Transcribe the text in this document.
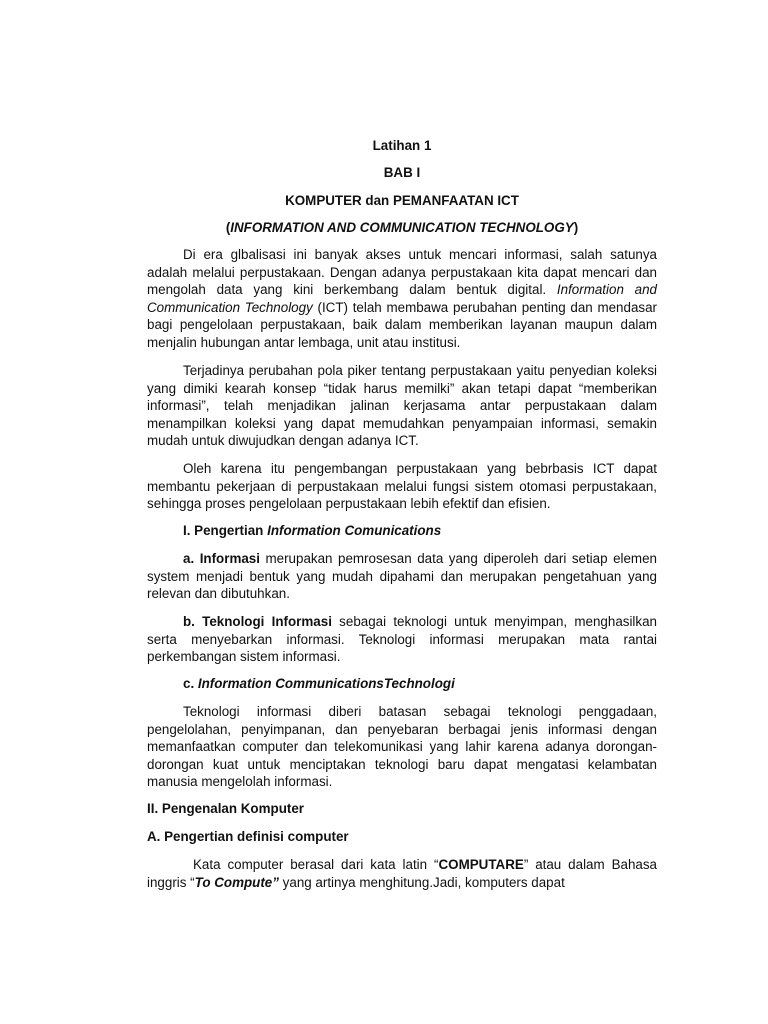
Latihan 1
BAB I
KOMPUTER dan PEMANFAATAN ICT
(INFORMATION AND COMMUNICATION TECHNOLOGY)
Di era glbalisasi ini banyak akses untuk mencari informasi, salah satunya adalah melalui perpustakaan. Dengan adanya perpustakaan kita dapat mencari dan mengolah data yang kini berkembang dalam bentuk digital. Information and Communication Technology (ICT) telah membawa perubahan penting dan mendasar bagi pengelolaan perpustakaan, baik dalam memberikan layanan maupun dalam menjalin hubungan antar lembaga, unit atau institusi.
Terjadinya perubahan pola piker tentang perpustakaan yaitu penyedian koleksi yang dimiki kearah konsep “tidak harus memilki” akan tetapi dapat “memberikan informasi”, telah menjadikan jalinan kerjasama antar perpustakaan dalam menampilkan koleksi yang dapat memudahkan penyampaian informasi, semakin mudah untuk diwujudkan dengan adanya ICT.
Oleh karena itu pengembangan perpustakaan yang bebrbasis ICT dapat membantu pekerjaan di perpustakaan melalui fungsi sistem otomasi perpustakaan, sehingga proses pengelolaan perpustakaan lebih efektif dan efisien.
I. Pengertian Information Comunications
a. Informasi merupakan pemrosesan data yang diperoleh dari setiap elemen system menjadi bentuk yang mudah dipahami dan merupakan pengetahuan yang relevan dan dibutuhkan.
b. Teknologi Informasi sebagai teknologi untuk menyimpan, menghasilkan serta menyebarkan informasi. Teknologi informasi merupakan mata rantai perkembangan sistem informasi.
c. Information CommunicationsTechnologi
Teknologi informasi diberi batasan sebagai teknologi penggadaan, pengelolahan, penyimpanan, dan penyebaran berbagai jenis informasi dengan memanfaatkan computer dan telekomunikasi yang lahir karena adanya dorongan-dorongan kuat untuk menciptakan teknologi baru dapat mengatasi kelambatan manusia mengelolah informasi.
II. Pengenalan Komputer
A. Pengertian definisi computer
Kata computer berasal dari kata latin “COMPUTARE” atau dalam Bahasa inggris “To Compute” yang artinya menghitung.Jadi, komputers dapat
